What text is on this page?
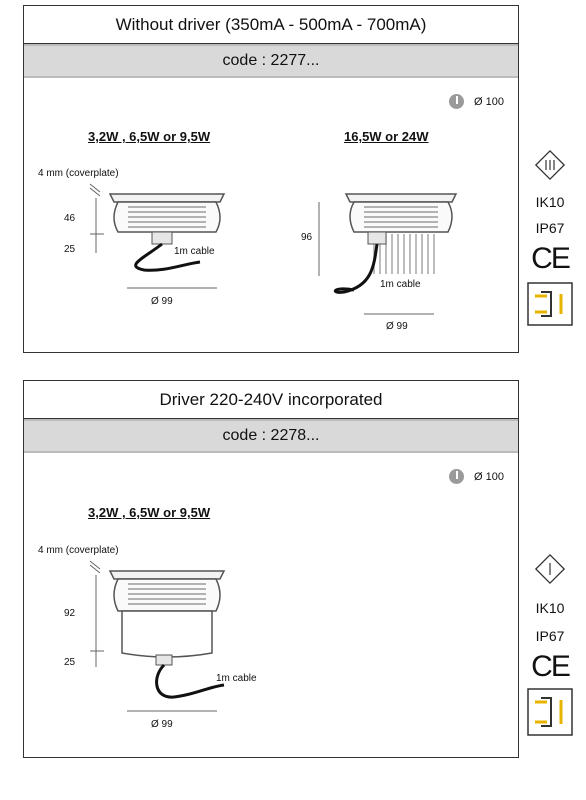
Without driver (350mA - 500mA - 700mA)
code : 2277...
Ø 100
3,2W , 6,5W or 9,5W	16,5W or 24W
4 mm (coverplate)
46
25	1m cable
Ø 99
96
1m cable
Ø 99
IK10
IP67
CE
Driver 220-240V incorporated
code : 2278...
Ø 100
3,2W , 6,5W or 9,5W
4 mm (coverplate)
92
25
1m cable
Ø 99
IK10
IP67
CE
